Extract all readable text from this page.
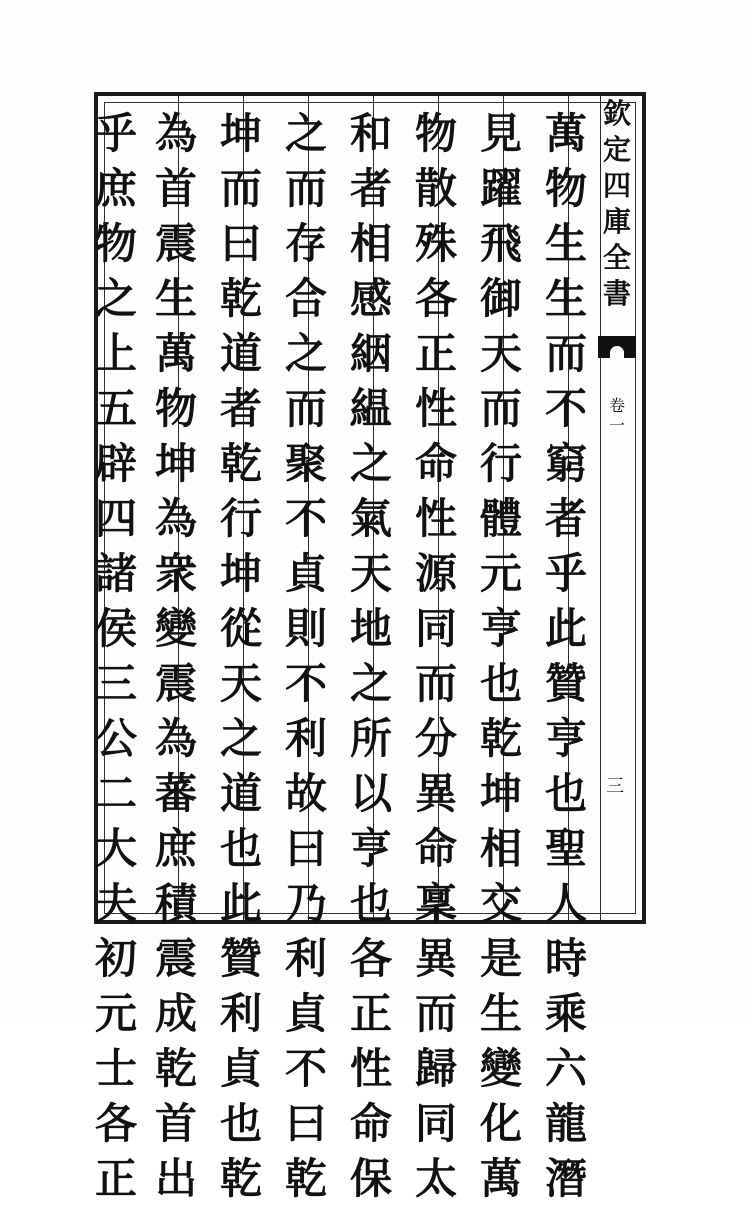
萬
物
生
生
而
不
窮
者
乎
此
贊
亨
也
聖
人
時
乘
六
龍
潛
見
躍
飛
御
天
而
行
體
元
亨
也
乾
坤
相
交
是
生
變
化
萬
物
散
殊
各
正
性
命
性
源
同
而
分
異
命
稟
異
而
歸
同
太
和
者
相
感
絪
緼
之
氣
天
地
之
所
以
亨
也
各
正
性
命
保
之
而
存
合
之
而
聚
不
貞
則
不
利
故
曰
乃
利
貞
不
曰
乾
坤
而
曰
乾
道
者
乾
行
坤
從
天
之
道
也
此
贊
利
貞
也
乾
為
首
震
生
萬
物
坤
為
衆
變
震
為
蕃
庶
積
震
成
乾
首
出
乎
庶
物
之
上
五
辟
四
諸
侯
三
公
二
大
夫
初
元
士
各
正
欽
定
四
庫
全
書
卷
一
三
